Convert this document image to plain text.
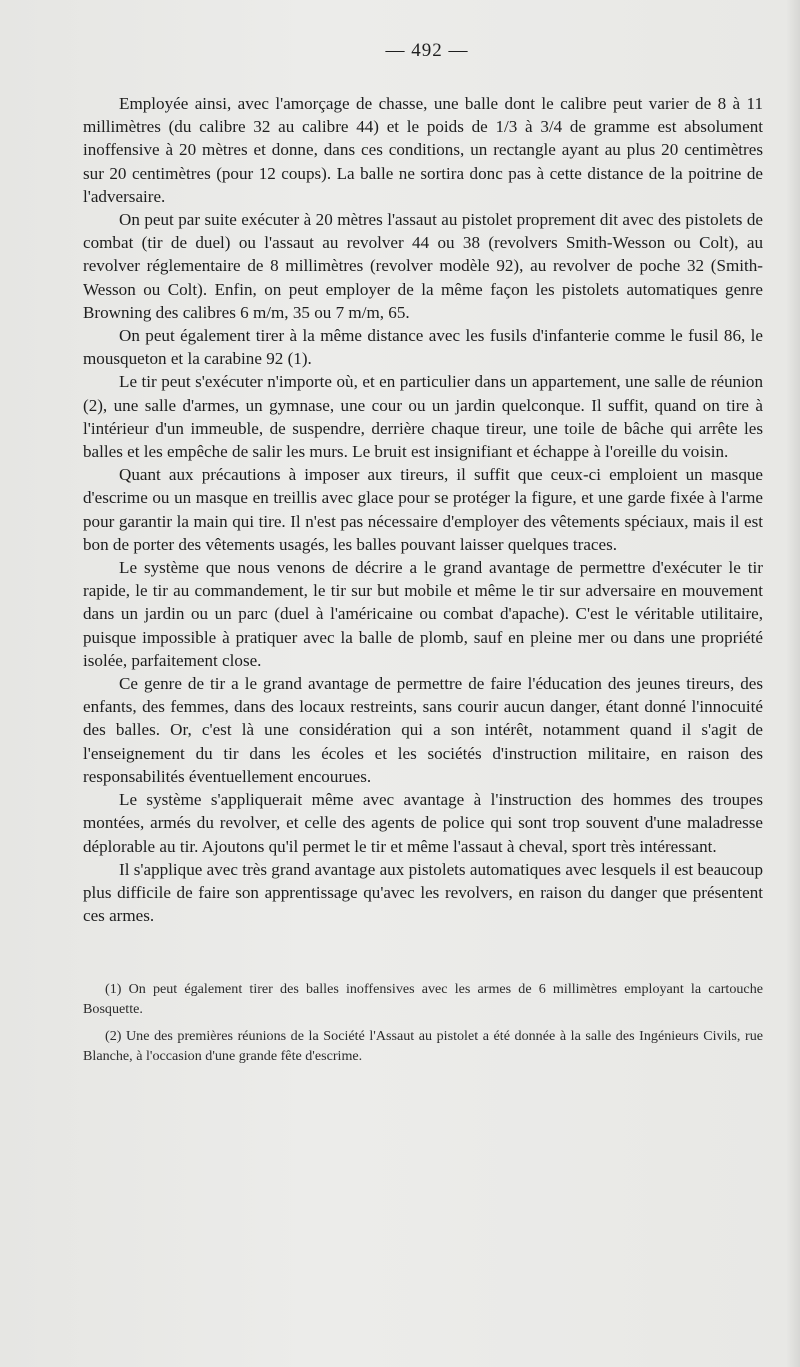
— 492 —

Employée ainsi, avec l'amorçage de chasse, une balle dont le calibre peut varier de 8 à 11 millimètres (du calibre 32 au calibre 44) et le poids de 1/3 à 3/4 de gramme est absolument inoffensive à 20 mètres et donne, dans ces conditions, un rectangle ayant au plus 20 centimètres sur 20 centimètres (pour 12 coups). La balle ne sortira donc pas à cette distance de la poitrine de l'adversaire.

On peut par suite exécuter à 20 mètres l'assaut au pistolet proprement dit avec des pistolets de combat (tir de duel) ou l'assaut au revolver 44 ou 38 (revolvers Smith-Wesson ou Colt), au revolver réglementaire de 8 millimètres (revolver modèle 92), au revolver de poche 32 (Smith-Wesson ou Colt). Enfin, on peut employer de la même façon les pistolets automatiques genre Browning des calibres 6 m/m, 35 ou 7 m/m, 65.

On peut également tirer à la même distance avec les fusils d'infanterie comme le fusil 86, le mousqueton et la carabine 92 (1).

Le tir peut s'exécuter n'importe où, et en particulier dans un appartement, une salle de réunion (2), une salle d'armes, un gymnase, une cour ou un jardin quelconque. Il suffit, quand on tire à l'intérieur d'un immeuble, de suspendre, derrière chaque tireur, une toile de bâche qui arrête les balles et les empêche de salir les murs. Le bruit est insignifiant et échappe à l'oreille du voisin.

Quant aux précautions à imposer aux tireurs, il suffit que ceux-ci emploient un masque d'escrime ou un masque en treillis avec glace pour se protéger la figure, et une garde fixée à l'arme pour garantir la main qui tire. Il n'est pas nécessaire d'employer des vêtements spéciaux, mais il est bon de porter des vêtements usagés, les balles pouvant laisser quelques traces.

Le système que nous venons de décrire a le grand avantage de permettre d'exécuter le tir rapide, le tir au commandement, le tir sur but mobile et même le tir sur adversaire en mouvement dans un jardin ou un parc (duel à l'américaine ou combat d'apache). C'est le véritable utilitaire, puisque impossible à pratiquer avec la balle de plomb, sauf en pleine mer ou dans une propriété isolée, parfaitement close.

Ce genre de tir a le grand avantage de permettre de faire l'éducation des jeunes tireurs, des enfants, des femmes, dans des locaux restreints, sans courir aucun danger, étant donné l'innocuité des balles. Or, c'est là une considération qui a son intérêt, notamment quand il s'agit de l'enseignement du tir dans les écoles et les sociétés d'instruction militaire, en raison des responsabilités éventuellement encourues.

Le système s'appliquerait même avec avantage à l'instruction des hommes des troupes montées, armés du revolver, et celle des agents de police qui sont trop souvent d'une maladresse déplorable au tir. Ajoutons qu'il permet le tir et même l'assaut à cheval, sport très intéressant.

Il s'applique avec très grand avantage aux pistolets automatiques avec lesquels il est beaucoup plus difficile de faire son apprentissage qu'avec les revolvers, en raison du danger que présentent ces armes.

(1) On peut également tirer des balles inoffensives avec les armes de 6 millimètres employant la cartouche Bosquette.

(2) Une des premières réunions de la Société l'Assaut au pistolet a été donnée à la salle des Ingénieurs Civils, rue Blanche, à l'occasion d'une grande fête d'escrime.
